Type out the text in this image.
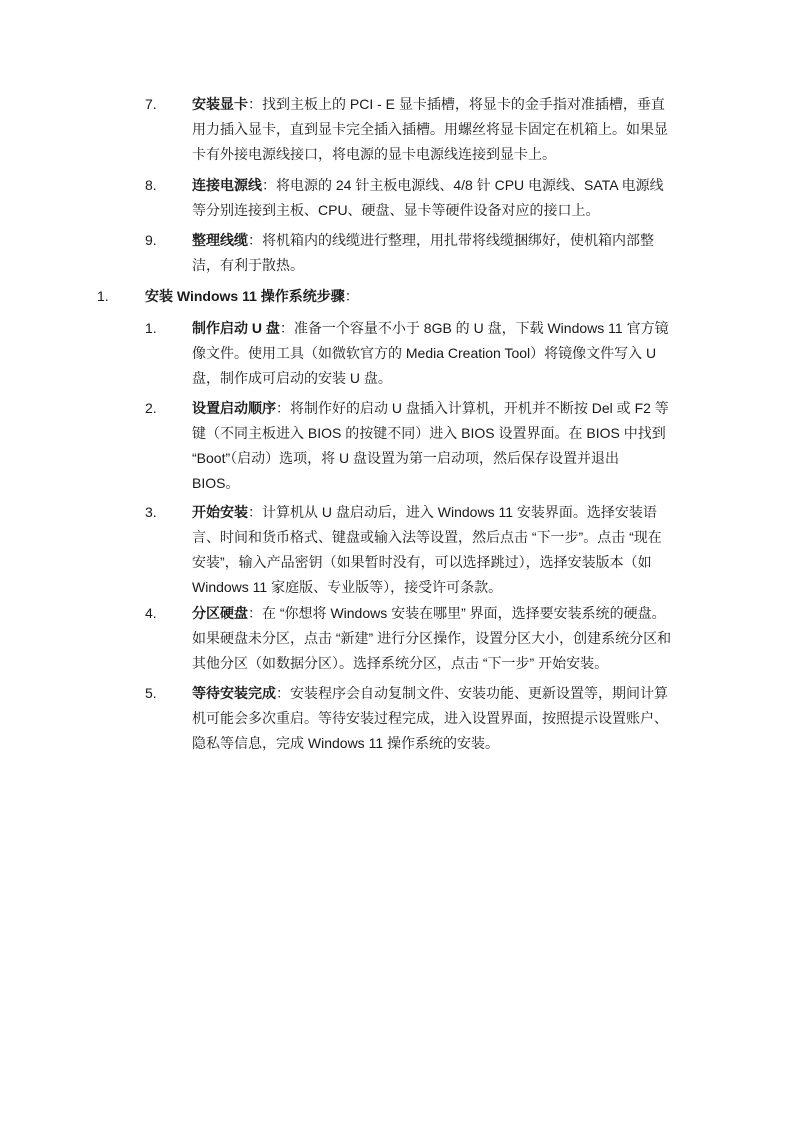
7.	安装显卡：找到主板上的 PCI - E 显卡插槽，将显卡的金手指对准插槽，垂直
用力插入显卡，直到显卡完全插入插槽。用螺丝将显卡固定在机箱上。如果显
卡有外接电源线接口，将电源的显卡电源线连接到显卡上。
8.	连接电源线：将电源的 24 针主板电源线、4/8 针 CPU 电源线、SATA 电源线
等分别连接到主板、CPU、硬盘、显卡等硬件设备对应的接口上。
9.	整理线缆：将机箱内的线缆进行整理，用扎带将线缆捆绑好，使机箱内部整
洁，有利于散热。
1.	安装 Windows 11 操作系统步骤：
1.	制作启动 U 盘：准备一个容量不小于 8GB 的 U 盘，下载 Windows 11 官方镜
像文件。使用工具（如微软官方的 Media Creation Tool）将镜像文件写入 U
盘，制作成可启动的安装 U 盘。
2.	设置启动顺序：将制作好的启动 U 盘插入计算机，开机并不断按 Del 或 F2 等
键（不同主板进入 BIOS 的按键不同）进入 BIOS 设置界面。在 BIOS 中找到
“Boot”（启动）选项，将 U 盘设置为第一启动项，然后保存设置并退出
BIOS。
3.	开始安装：计算机从 U 盘启动后，进入 Windows 11 安装界面。选择安装语
言、时间和货币格式、键盘或输入法等设置，然后点击 “下一步”。点击 “现在
安装”，输入产品密钥（如果暂时没有，可以选择跳过），选择安装版本（如
Windows 11 家庭版、专业版等），接受许可条款。
4.	分区硬盘：在 “你想将 Windows 安装在哪里” 界面，选择要安装系统的硬盘。
如果硬盘未分区，点击 “新建” 进行分区操作，设置分区大小，创建系统分区和
其他分区（如数据分区）。选择系统分区，点击 “下一步” 开始安装。
5.	等待安装完成：安装程序会自动复制文件、安装功能、更新设置等，期间计算
机可能会多次重启。等待安装过程完成，进入设置界面，按照提示设置账户、
隐私等信息，完成 Windows 11 操作系统的安装。
